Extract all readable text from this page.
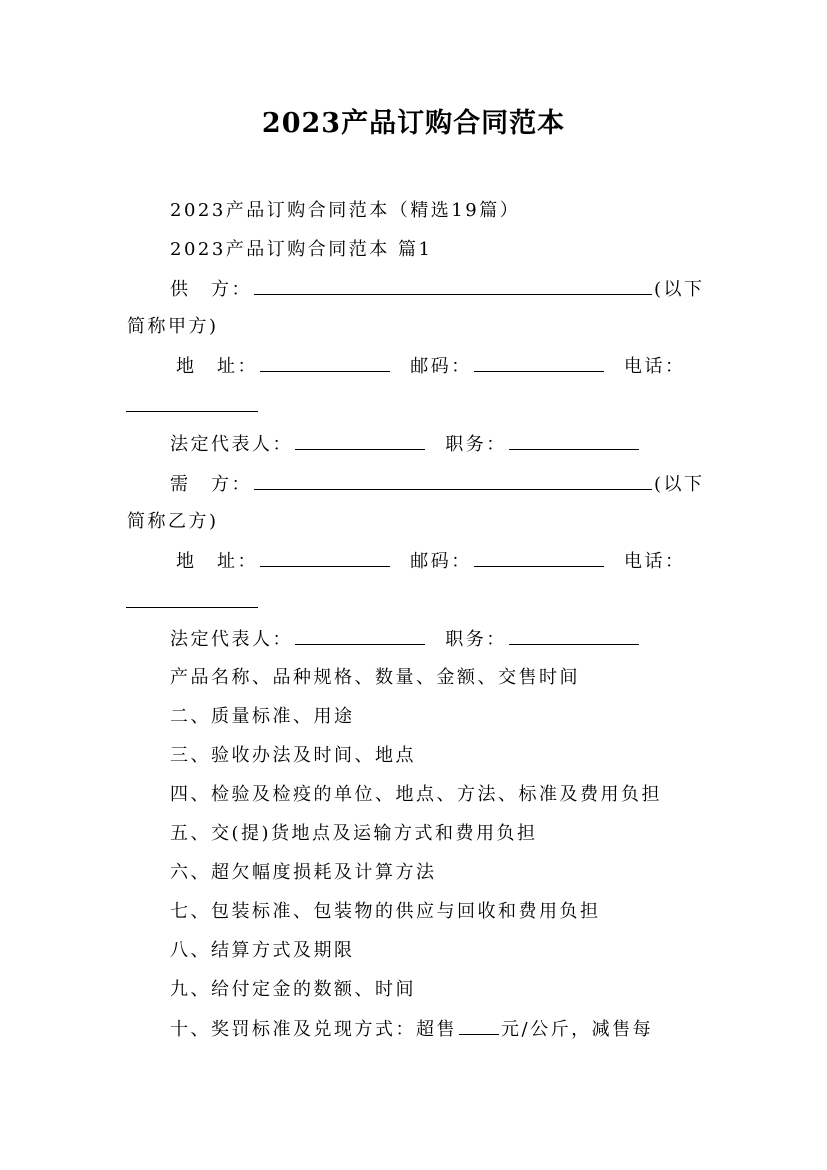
2023产品订购合同范本
2023产品订购合同范本（精选19篇）
2023产品订购合同范本 篇1
供　方：	(以下
简称甲方)
地　址：	邮码：	电话：
法定代表人：	职务：
需　方：	(以下
简称乙方)
地　址：	邮码：	电话：
法定代表人：	职务：
产品名称、品种规格、数量、金额、交售时间
二、质量标准、用途
三、验收办法及时间、地点
四、检验及检疫的单位、地点、方法、标准及费用负担
五、交(提)货地点及运输方式和费用负担
六、超欠幅度损耗及计算方法
七、包装标准、包装物的供应与回收和费用负担
八、结算方式及期限
九、给付定金的数额、时间
十、奖罚标准及兑现方式：超售 元/公斤，减售每
